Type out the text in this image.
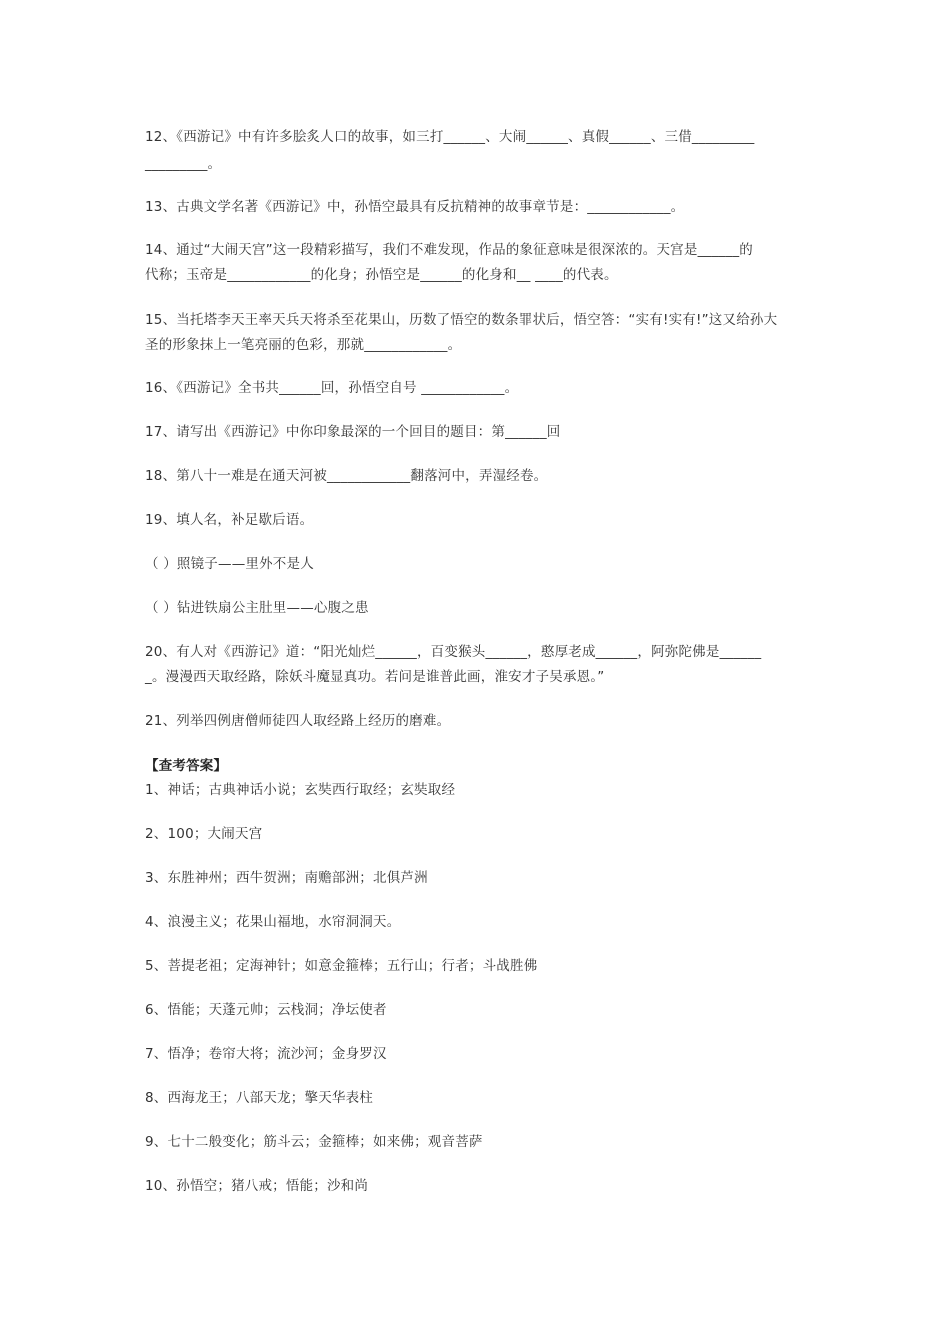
12、《西游记》中有许多脍炙人口的故事，如三打______、大闹______、真假______、三借_________

_________。

13、古典文学名著《西游记》中，孙悟空最具有反抗精神的故事章节是：____________。

14、通过“大闹天宫”这一段精彩描写，我们不难发现，作品的象征意味是很深浓的。天宫是______的

代称；玉帝是____________的化身；孙悟空是______的化身和__ ____的代表。

15、当托塔李天王率天兵天将杀至花果山，历数了悟空的数条罪状后，悟空答：“实有!实有!”这又给孙大

圣的形象抹上一笔亮丽的色彩，那就____________。

16、《西游记》全书共______回，孙悟空自号 ____________。

17、请写出《西游记》中你印象最深的一个回目的题目：第______回

18、第八十一难是在通天河被____________翻落河中，弄湿经卷。

19、填人名，补足歇后语。

（ ）照镜子——里外不是人

（ ）钻进铁扇公主肚里——心腹之患

20、有人对《西游记》道：“阳光灿烂______，百变猴头______，憨厚老成______，阿弥陀佛是______

_。漫漫西天取经路，除妖斗魔显真功。若问是谁普此画，淮安才子吴承恩。”

21、列举四例唐僧师徒四人取经路上经历的磨难。

【查考答案】

1、神话；古典神话小说；玄奘西行取经；玄奘取经

2、100；大闹天宫

3、东胜神州；西牛贺洲；南赡部洲；北俱芦洲

4、浪漫主义；花果山福地，水帘洞洞天。

5、菩提老祖；定海神针；如意金箍棒；五行山；行者；斗战胜佛

6、悟能；天蓬元帅；云栈洞；净坛使者

7、悟净；卷帘大将；流沙河；金身罗汉

8、西海龙王；八部天龙；擎天华表柱

9、七十二般变化；筋斗云；金箍棒；如来佛；观音菩萨

10、孙悟空；猪八戒；悟能；沙和尚
